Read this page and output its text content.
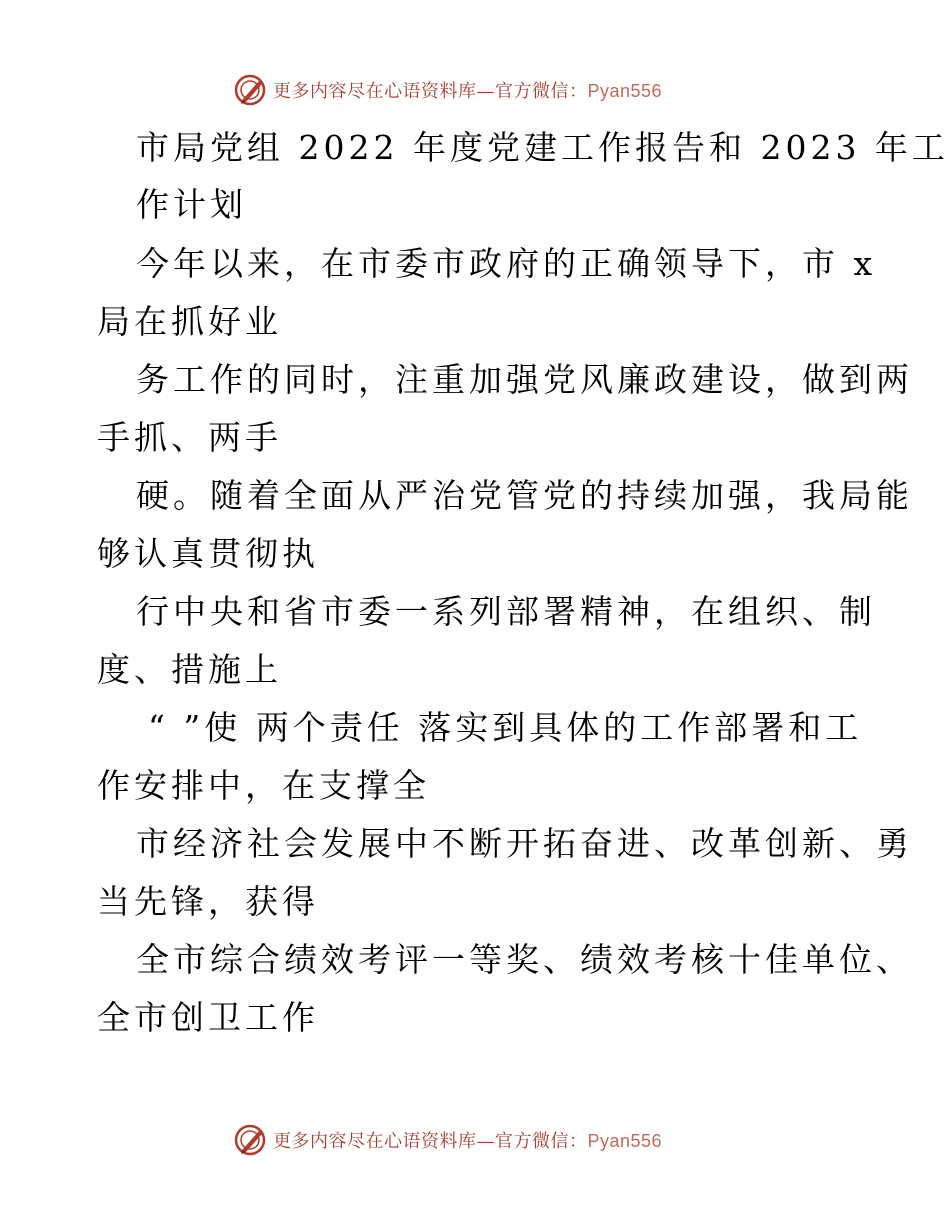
更多内容尽在心语资料库—官方微信：Pyan556
市局党组 2022 年度党建工作报告和 2023 年工
作计划
今年以来，在市委市政府的正确领导下，市 x
局在抓好业
务工作的同时，注重加强党风廉政建设，做到两
手抓、两手
硬。随着全面从严治党管党的持续加强，我局能
够认真贯彻执
行中央和省市委一系列部署精神，在组织、制
度、措施上
“ ”使 两个责任 落实到具体的工作部署和工
作安排中，在支撑全
市经济社会发展中不断开拓奋进、改革创新、勇
当先锋，获得
全市综合绩效考评一等奖、绩效考核十佳单位、
全市创卫工作
更多内容尽在心语资料库—官方微信：Pyan556
